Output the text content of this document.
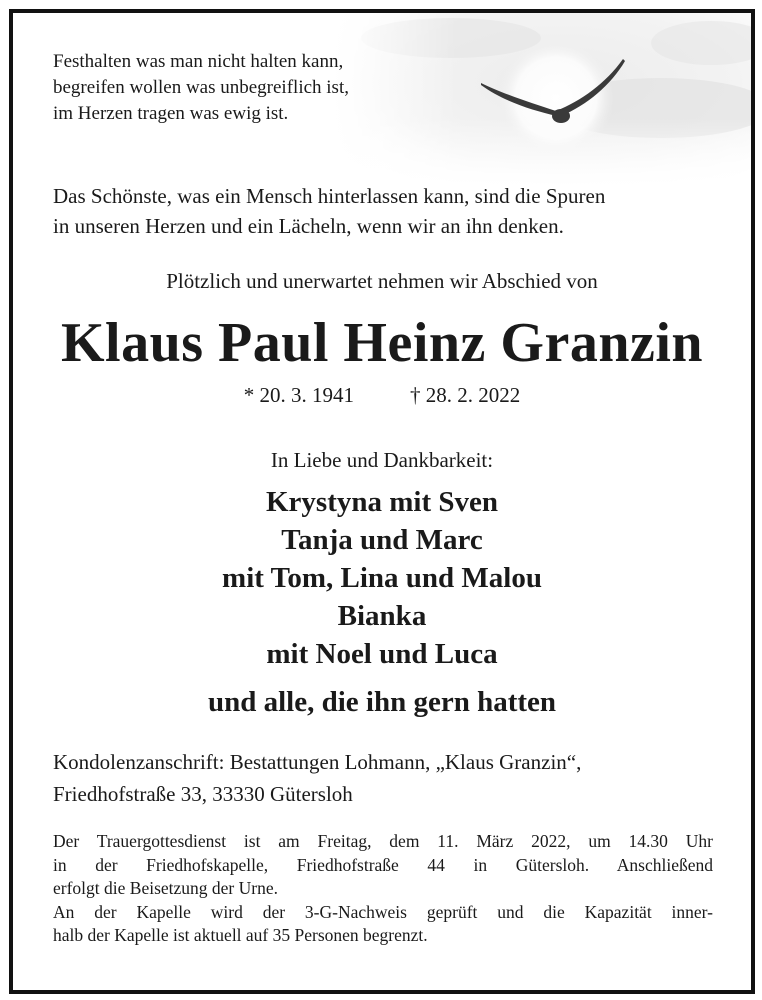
Festhalten was man nicht halten kann,
begreifen wollen was unbegreiflich ist,
im Herzen tragen was ewig ist.
Das Schönste, was ein Mensch hinterlassen kann, sind die Spuren
in unseren Herzen und ein Lächeln, wenn wir an ihn denken.
Plötzlich und unerwartet nehmen wir Abschied von
Klaus Paul Heinz Granzin
* 20. 3. 1941	† 28. 2. 2022
In Liebe und Dankbarkeit:
Krystyna mit Sven
Tanja und Marc
mit Tom, Lina und Malou
Bianka
mit Noel und Luca
und alle, die ihn gern hatten
Kondolenzanschrift: Bestattungen Lohmann, „Klaus Granzin“,
Friedhofstraße 33, 33330 Gütersloh
Der Trauergottesdienst ist am Freitag, dem 11. März 2022, um 14.30 Uhr
in der Friedhofskapelle, Friedhofstraße 44 in Gütersloh. Anschließend
erfolgt die Beisetzung der Urne.
An der Kapelle wird der 3-G-Nachweis geprüft und die Kapazität inner-
halb der Kapelle ist aktuell auf 35 Personen begrenzt.
